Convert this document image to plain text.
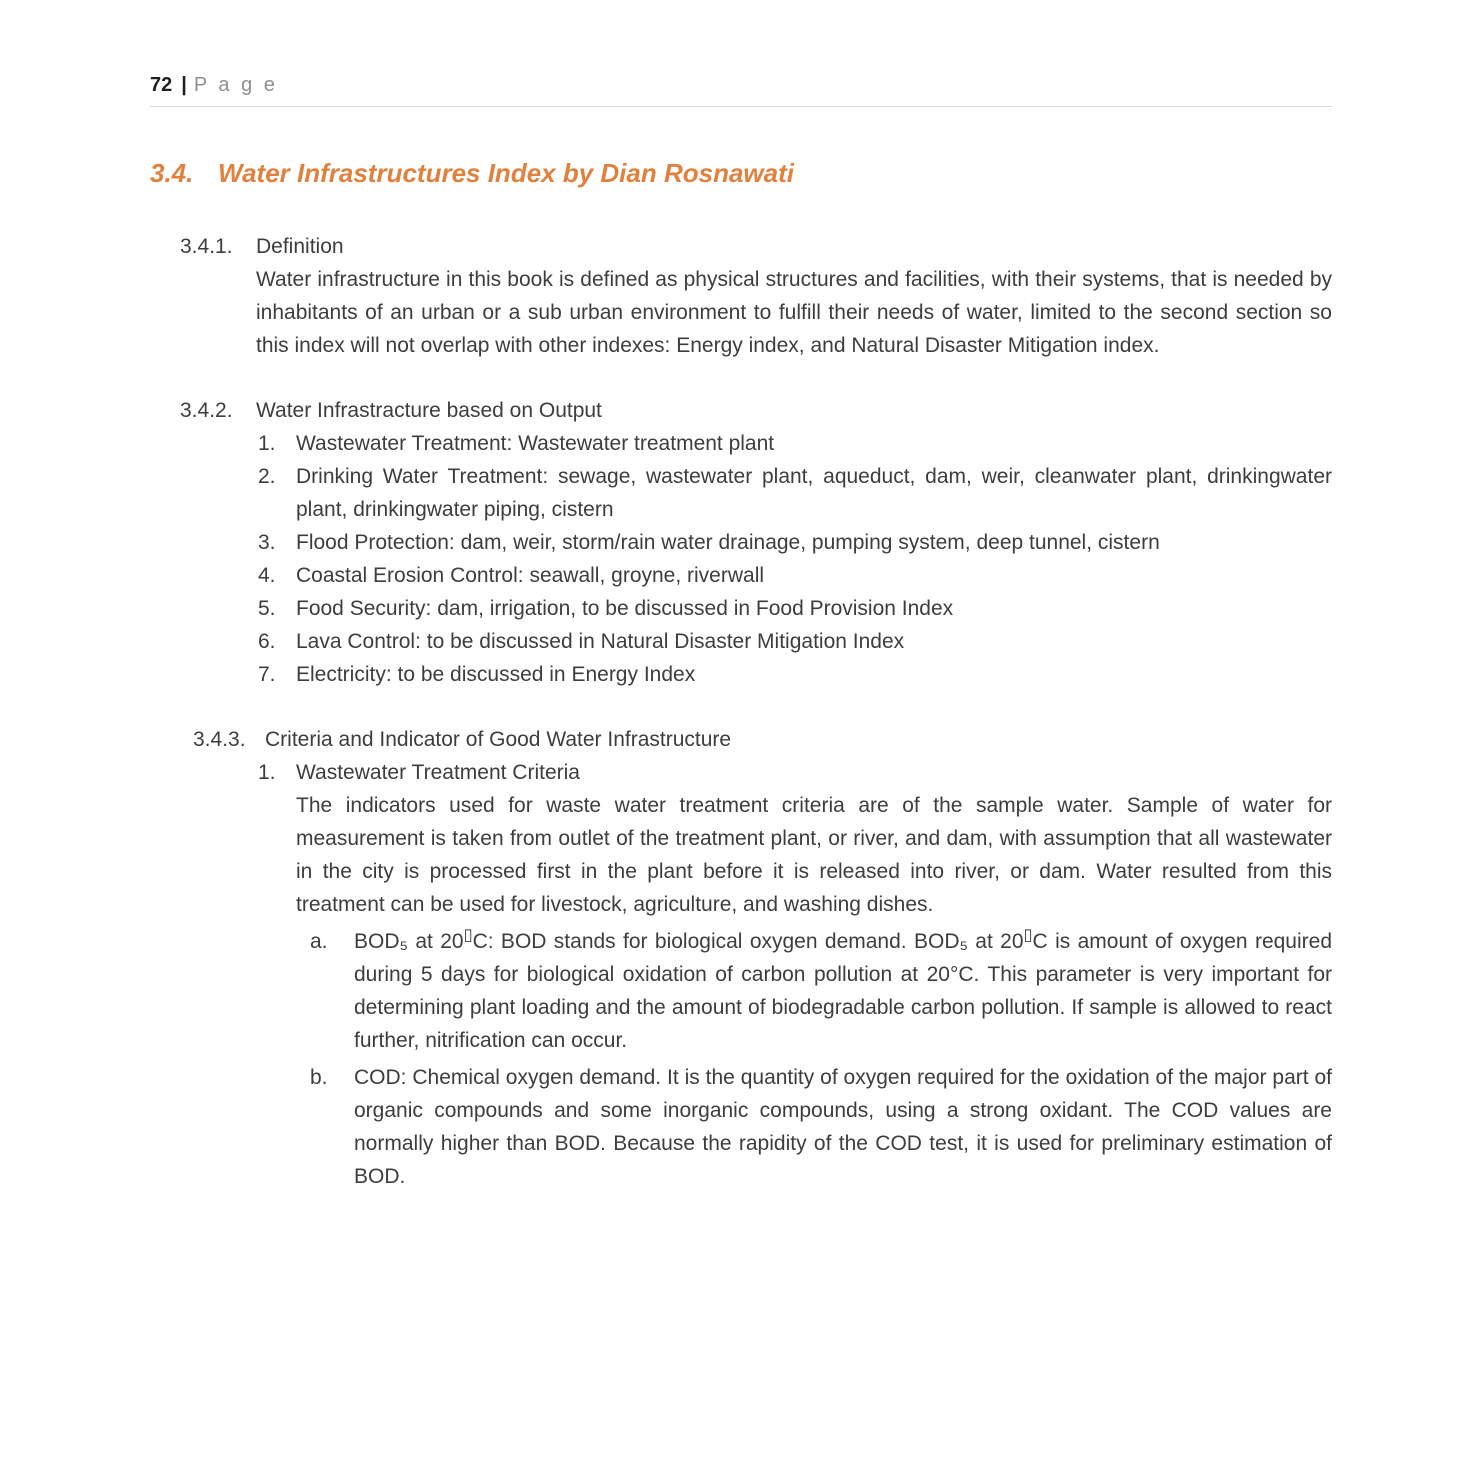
72 | P a g e
3.4. Water Infrastructures Index by Dian Rosnawati
3.4.1.	Definition
Water infrastructure in this book is defined as physical structures and facilities, with their systems, that is needed by inhabitants of an urban or a sub urban environment to fulfill their needs of water, limited to the second section so this index will not overlap with other indexes: Energy index, and Natural Disaster Mitigation index.
3.4.2.	Water Infrastracture based on Output
1. Wastewater Treatment: Wastewater treatment plant
2. Drinking Water Treatment: sewage, wastewater plant, aqueduct, dam, weir, cleanwater plant, drinkingwater plant, drinkingwater piping, cistern
3. Flood Protection: dam, weir, storm/rain water drainage, pumping system, deep tunnel, cistern
4. Coastal Erosion Control: seawall, groyne, riverwall
5. Food Security: dam, irrigation, to be discussed in Food Provision Index
6. Lava Control: to be discussed in Natural Disaster Mitigation Index
7. Electricity: to be discussed in Energy Index
3.4.3. Criteria and Indicator of Good Water Infrastructure
1. Wastewater Treatment Criteria
The indicators used for waste water treatment criteria are of the sample water. Sample of water for measurement is taken from outlet of the treatment plant, or river, and dam, with assumption that all wastewater in the city is processed first in the plant before it is released into river, or dam. Water resulted from this treatment can be used for livestock, agriculture, and washing dishes.
a.	BOD₅ at 20▯C: BOD stands for biological oxygen demand. BOD₅ at 20▯C is amount of oxygen required during 5 days for biological oxidation of carbon pollution at 20°C. This parameter is very important for determining plant loading and the amount of biodegradable carbon pollution. If sample is allowed to react further, nitrification can occur.
b.	COD: Chemical oxygen demand. It is the quantity of oxygen required for the oxidation of the major part of organic compounds and some inorganic compounds, using a strong oxidant. The COD values are normally higher than BOD. Because the rapidity of the COD test, it is used for preliminary estimation of BOD.
